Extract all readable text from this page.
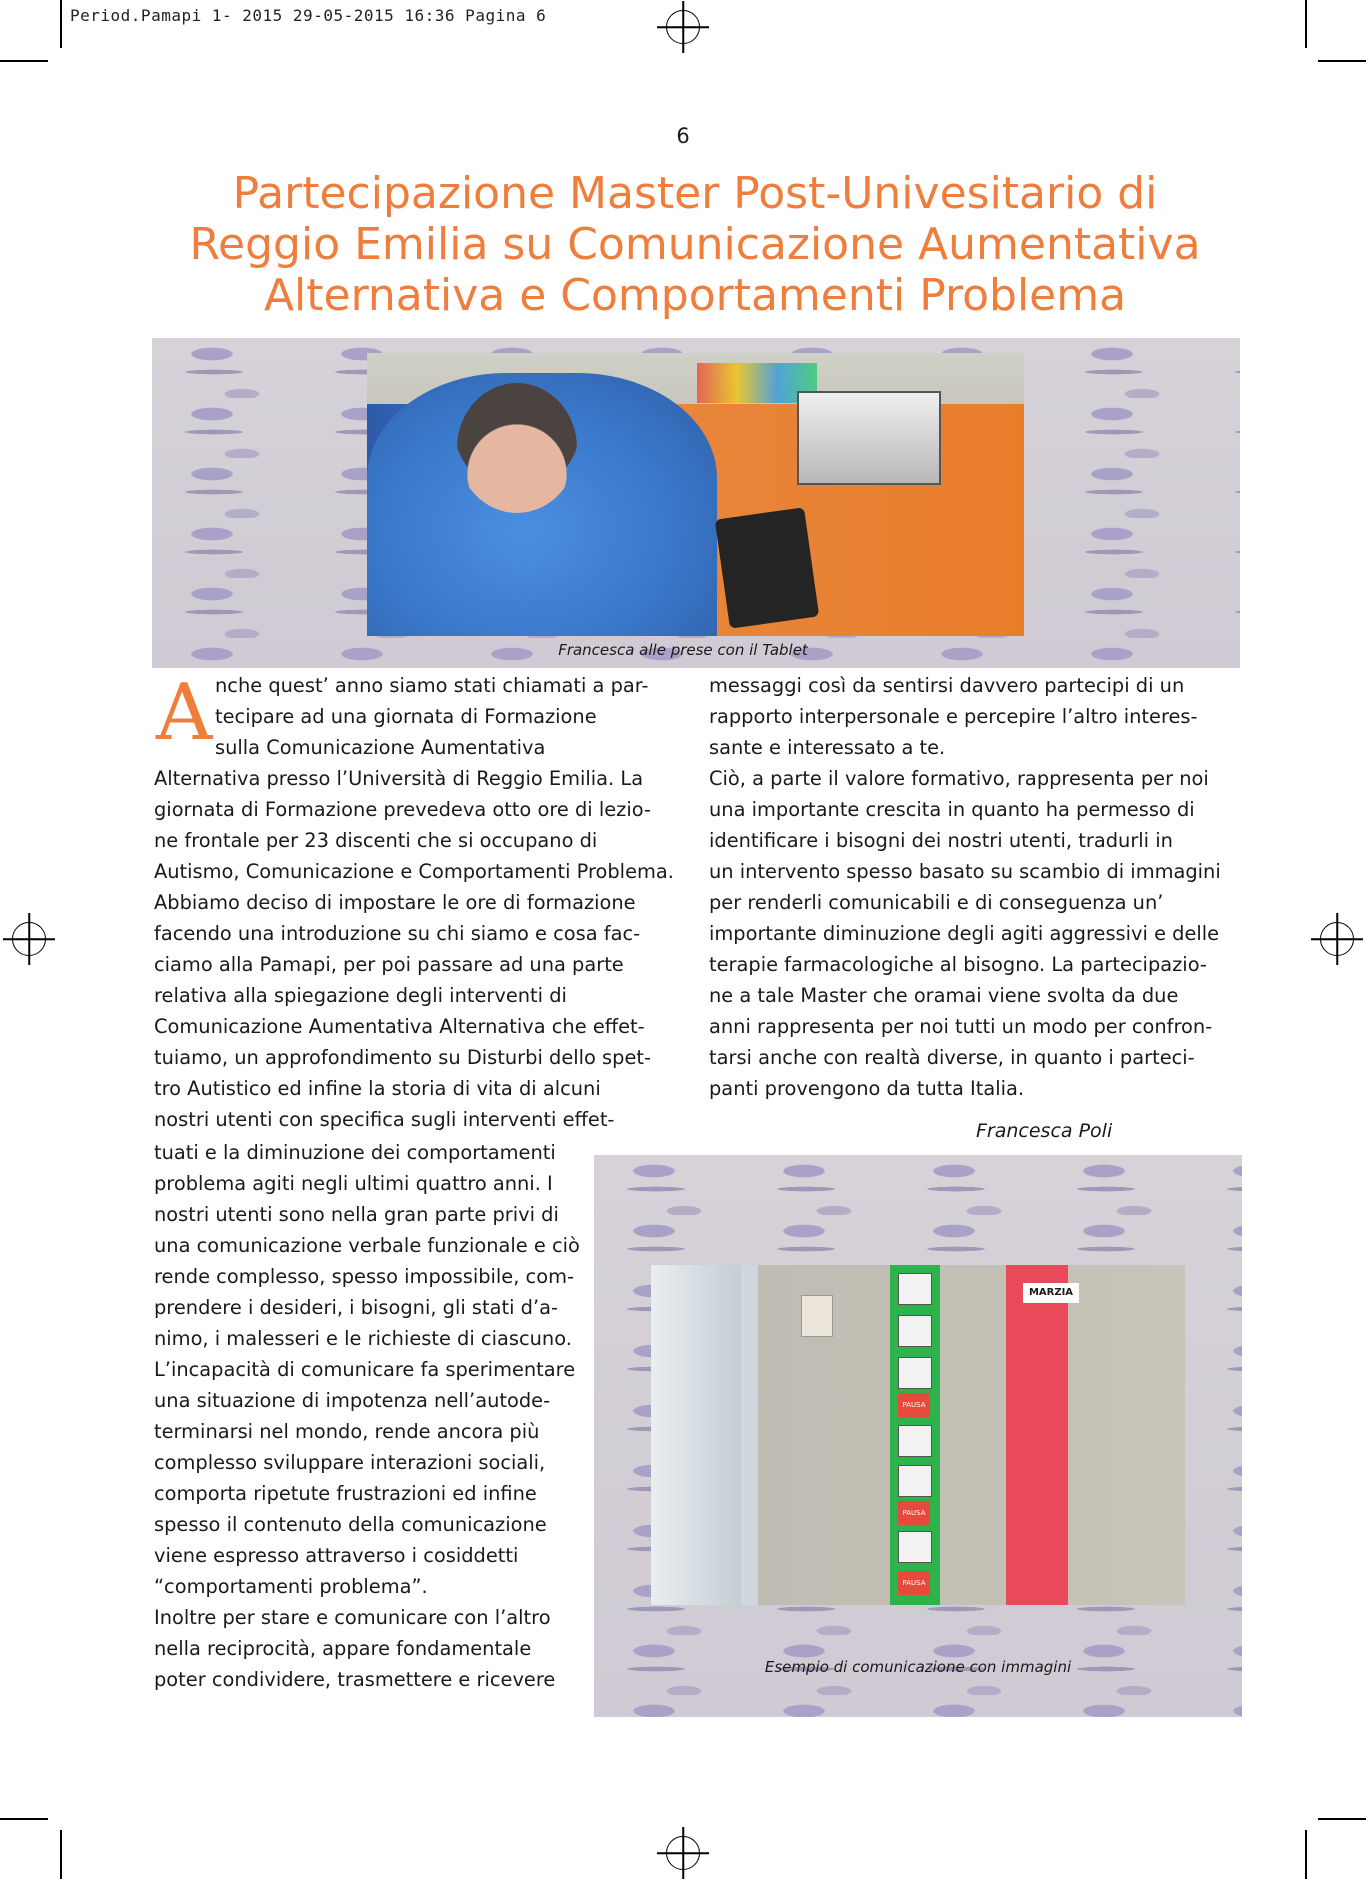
Period.Pamapi 1- 2015 29-05-2015 16:36 Pagina 6
6
Partecipazione Master Post-Univesitario di
Reggio Emilia su Comunicazione Aumentativa
Alternativa e Comportamenti Problema
Francesca alle prese con il Tablet
A nche quest’ anno siamo stati chiamati a par-

tecipare ad una giornata di Formazione

sulla Comunicazione Aumentativa

Alternativa presso l’Università di Reggio Emilia. La

giornata di Formazione prevedeva otto ore di lezio-

ne frontale per 23 discenti che si occupano di

Autismo, Comunicazione e Comportamenti Problema.

Abbiamo deciso di impostare le ore di formazione

facendo una introduzione su chi siamo e cosa fac-

ciamo alla Pamapi, per poi passare ad una parte

relativa alla spiegazione degli interventi di

Comunicazione Aumentativa Alternativa che effet-

tuiamo, un approfondimento su Disturbi dello spet-

tro Autistico ed infine la storia di vita di alcuni

nostri utenti con specifica sugli interventi effet-

tuati e la diminuzione dei comportamenti

problema agiti negli ultimi quattro anni. I

nostri utenti sono nella gran parte privi di

una comunicazione verbale funzionale e ciò

rende complesso, spesso impossibile, com-

prendere i desideri, i bisogni, gli stati d’a-

nimo, i malesseri e le richieste di ciascuno.

L’incapacità di comunicare fa sperimentare

una situazione di impotenza nell’autode-

terminarsi nel mondo, rende ancora più

complesso sviluppare interazioni sociali,

comporta ripetute frustrazioni ed infine

spesso il contenuto della comunicazione

viene espresso attraverso i cosiddetti

“comportamenti problema”.

Inoltre per stare e comunicare con l’altro

nella reciprocità, appare fondamentale

poter condividere, trasmettere e ricevere

messaggi così da sentirsi davvero partecipi di un

rapporto interpersonale e percepire l’altro interes-

sante e interessato a te.

Ciò, a parte il valore formativo, rappresenta per noi

una importante crescita in quanto ha permesso di

identificare i bisogni dei nostri utenti, tradurli in

un intervento spesso basato su scambio di immagini

per renderli comunicabili e di conseguenza un’

importante diminuzione degli agiti aggressivi e delle

terapie farmacologiche al bisogno. La partecipazio-

ne a tale Master che oramai viene svolta da due

anni rappresenta per noi tutti un modo per confron-

tarsi anche con realtà diverse, in quanto i parteci-

panti provengono da tutta Italia.

Francesca Poli
PAUSA
PAUSA
PAUSA
MARZIA
Esempio di comunicazione con immagini
